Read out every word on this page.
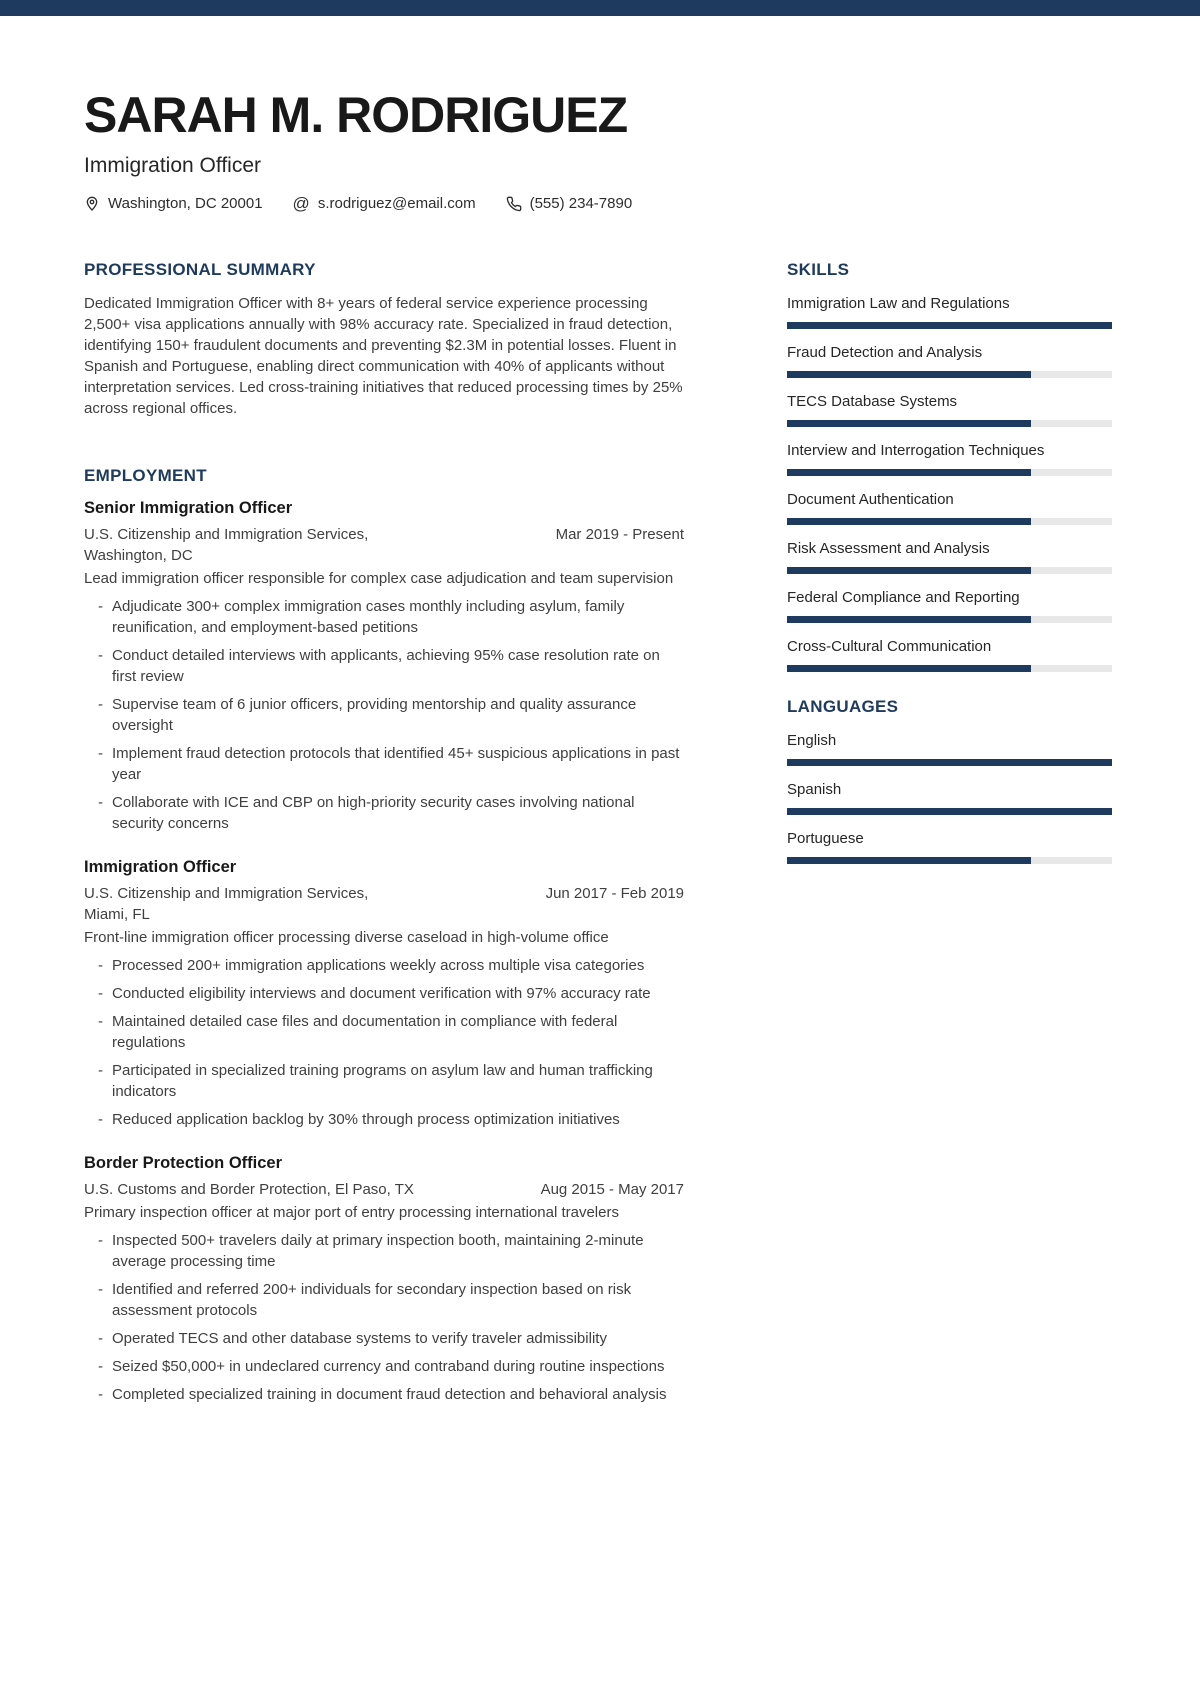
SARAH M. RODRIGUEZ
Immigration Officer
Washington, DC 20001 @ s.rodriguez@email.com	(555) 234-7890
PROFESSIONAL SUMMARY

Dedicated Immigration Officer with 8+ years of federal service experience processing 2,500+ visa applications annually with 98% accuracy rate. Specialized in fraud detection, identifying 150+ fraudulent documents and preventing $2.3M in potential losses. Fluent in Spanish and Portuguese, enabling direct communication with 40% of applicants without interpretation services. Led cross-training initiatives that reduced processing times by 25% across regional offices.

EMPLOYMENT
Senior Immigration Officer
U.S. Citizenship and Immigration Services,
Washington, DC
Mar 2019 - Present
Lead immigration officer responsible for complex case adjudication and team supervision
- Adjudicate 300+ complex immigration cases monthly including asylum, family reunification, and employment-based petitions
- Conduct detailed interviews with applicants, achieving 95% case resolution rate on first review
- Supervise team of 6 junior officers, providing mentorship and quality assurance oversight
- Implement fraud detection protocols that identified 45+ suspicious applications in past year
- Collaborate with ICE and CBP on high-priority security cases involving national security concerns
Immigration Officer
U.S. Citizenship and Immigration Services,
Miami, FL
Jun 2017 - Feb 2019
Front-line immigration officer processing diverse caseload in high-volume office
- Processed 200+ immigration applications weekly across multiple visa categories
- Conducted eligibility interviews and document verification with 97% accuracy rate
- Maintained detailed case files and documentation in compliance with federal regulations
- Participated in specialized training programs on asylum law and human trafficking indicators
- Reduced application backlog by 30% through process optimization initiatives
Border Protection Officer
U.S. Customs and Border Protection, El Paso, TX	Aug 2015 - May 2017
Primary inspection officer at major port of entry processing international travelers
- Inspected 500+ travelers daily at primary inspection booth, maintaining 2-minute average processing time
- Identified and referred 200+ individuals for secondary inspection based on risk assessment protocols
- Operated TECS and other database systems to verify traveler admissibility
- Seized $50,000+ in undeclared currency and contraband during routine inspections
- Completed specialized training in document fraud detection and behavioral analysis
SKILLS
Immigration Law and Regulations
Fraud Detection and Analysis
TECS Database Systems
Interview and Interrogation Techniques
Document Authentication
Risk Assessment and Analysis
Federal Compliance and Reporting
Cross-Cultural Communication
LANGUAGES
English
Spanish
Portuguese
